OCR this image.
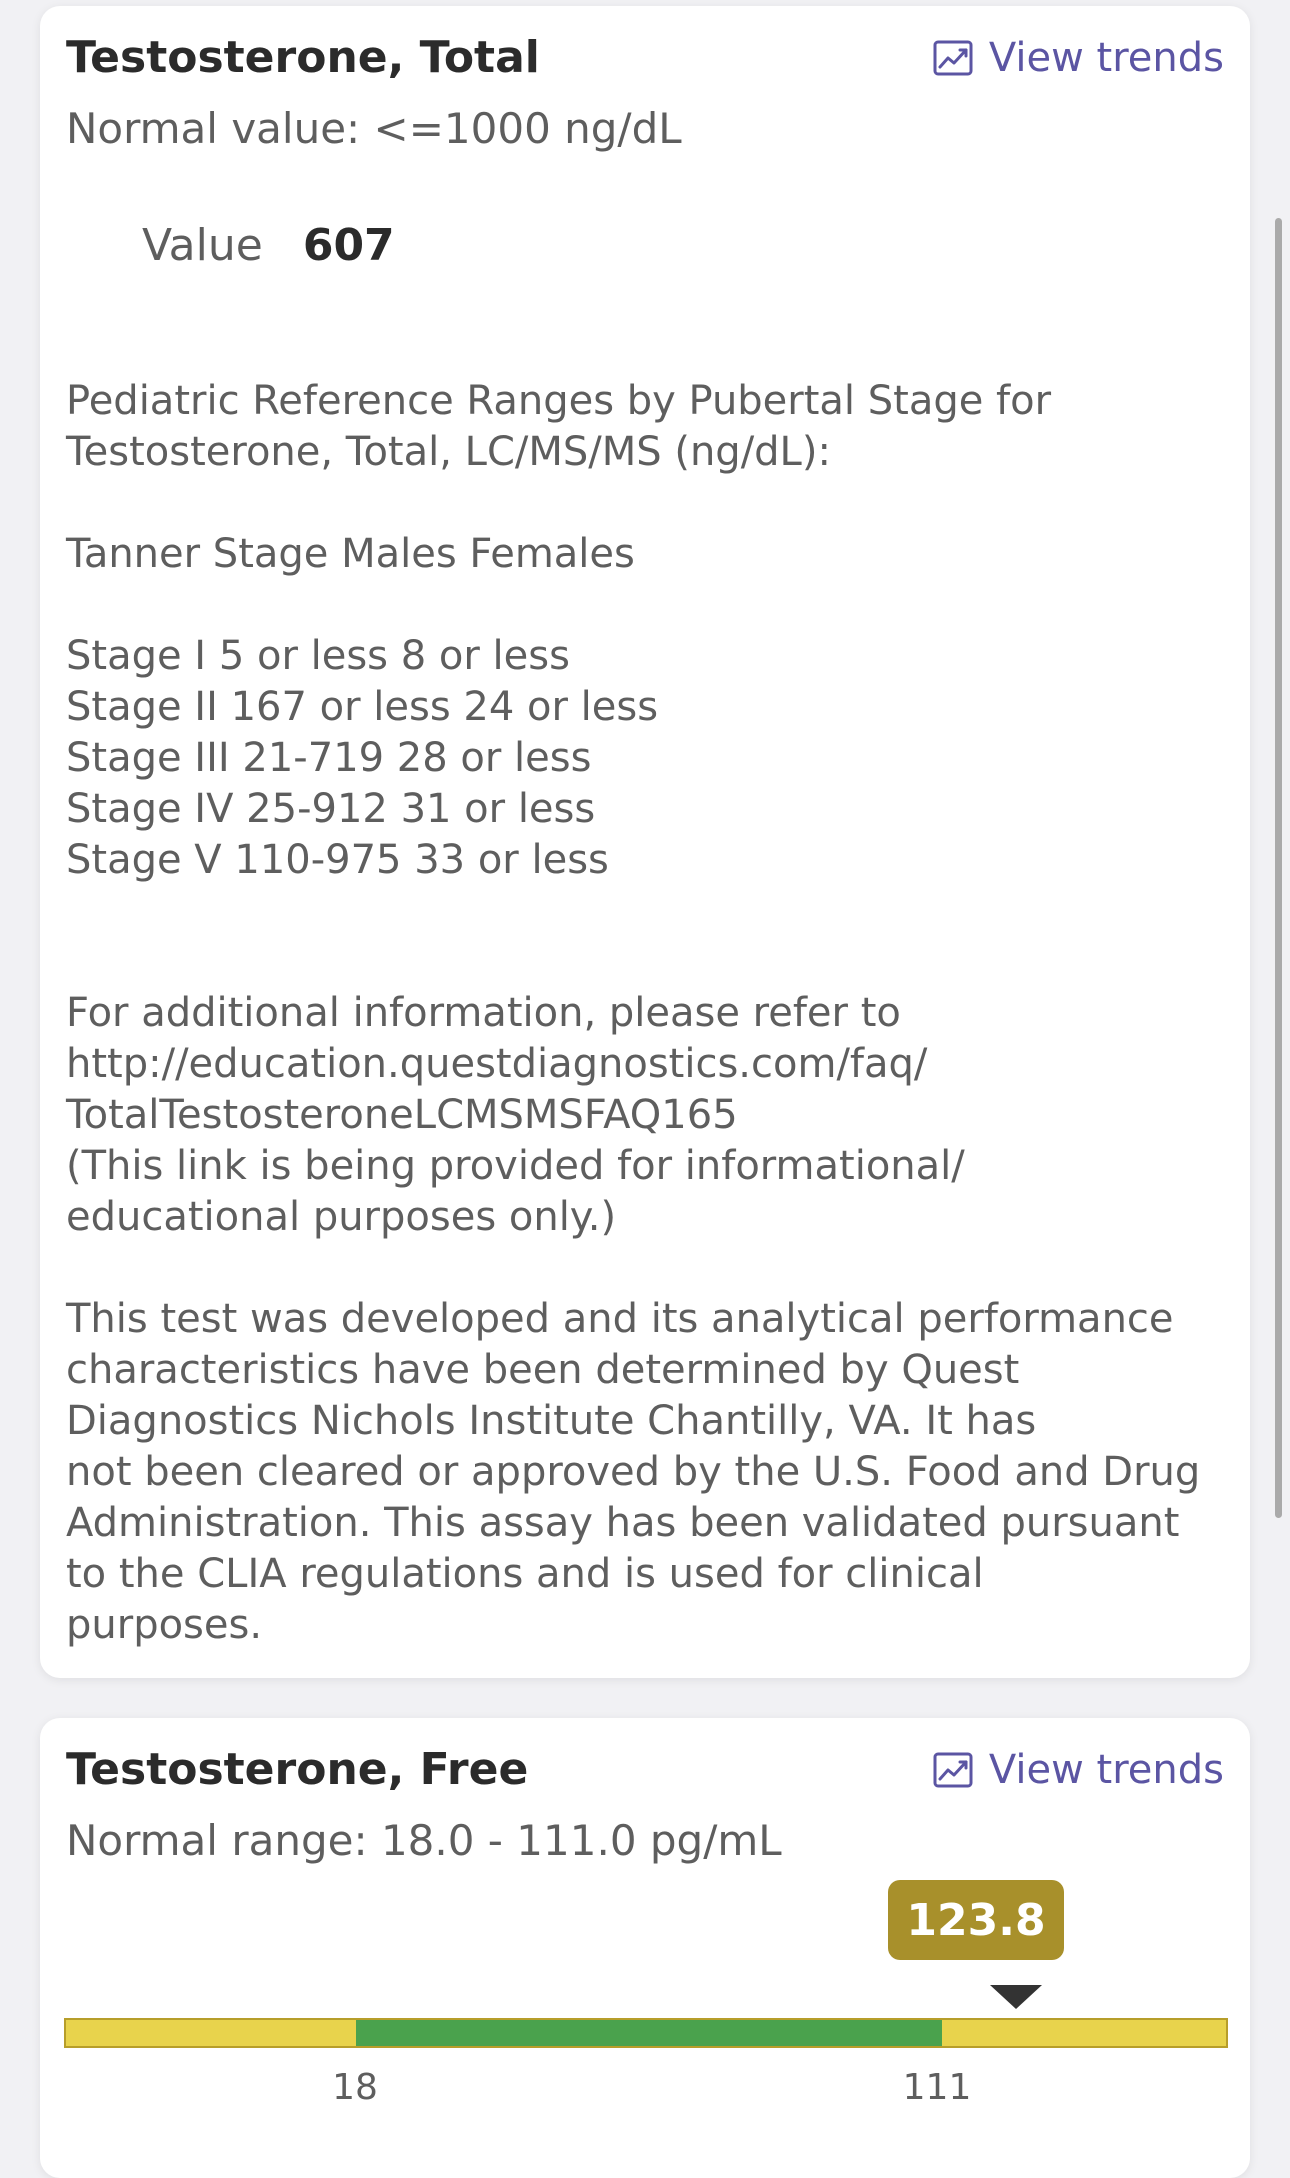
Testosterone, Total	View trends
Normal value: <=1000 ng/dL
Value 607
Pediatric Reference Ranges by Pubertal Stage for
Testosterone, Total, LC/MS/MS (ng/dL):

Tanner Stage Males Females

Stage I 5 or less 8 or less
Stage II 167 or less 24 or less
Stage III 21-719 28 or less
Stage IV 25-912 31 or less
Stage V 110-975 33 or less

For additional information, please refer to
http://education.questdiagnostics.com/faq/
TotalTestosteroneLCMSMSFAQ165
(This link is being provided for informational/
educational purposes only.)

This test was developed and its analytical performance
characteristics have been determined by Quest
Diagnostics Nichols Institute Chantilly, VA. It has
not been cleared or approved by the U.S. Food and Drug
Administration. This assay has been validated pursuant
to the CLIA regulations and is used for clinical
purposes.
Testosterone, Free	View trends
Normal range: 18.0 - 111.0 pg/mL
123.8
18	111
